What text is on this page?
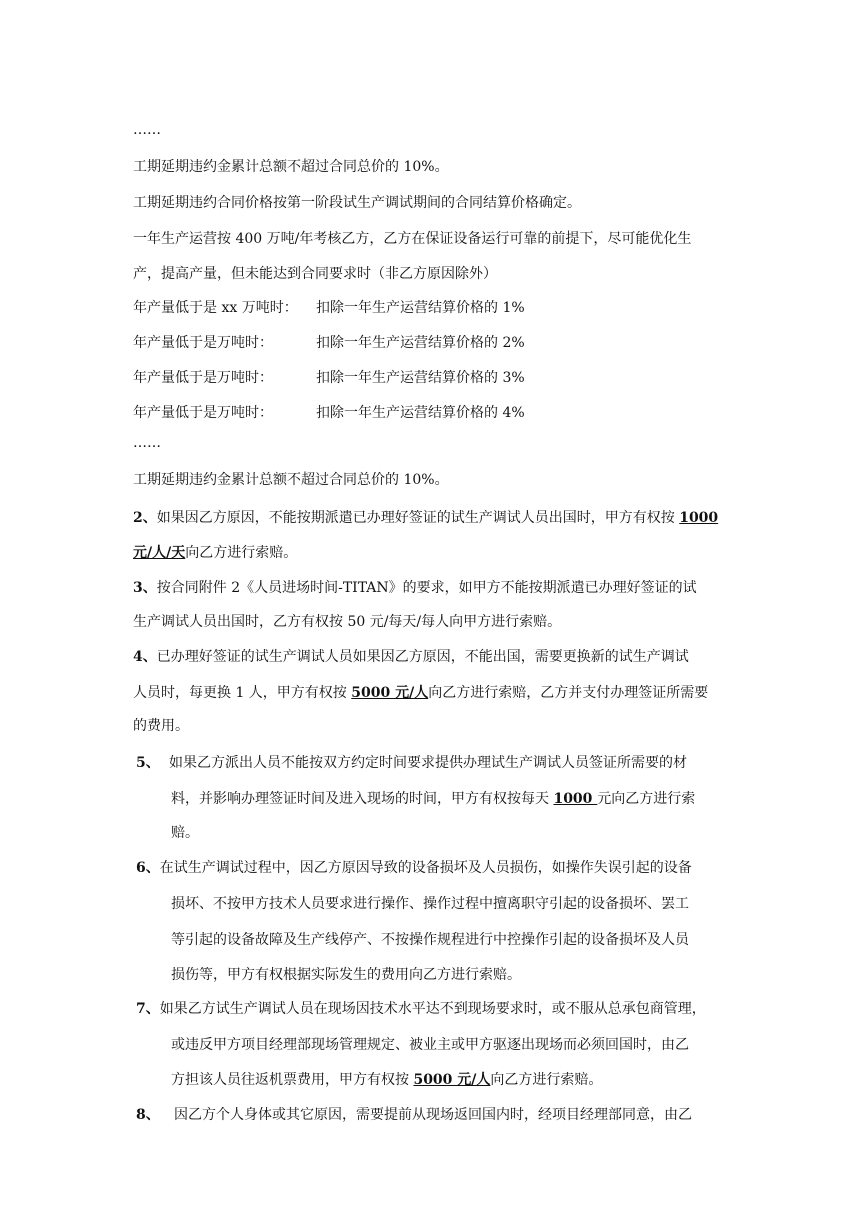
……
工期延期违约金累计总额不超过合同总价的 10%。
工期延期违约合同价格按第一阶段试生产调试期间的合同结算价格确定。
一年生产运营按 400 万吨/年考核乙方，乙方在保证设备运行可靠的前提下，尽可能优化生
产，提高产量，但未能达到合同要求时（非乙方原因除外）
年产量低于是 xx 万吨时： 扣除一年生产运营结算价格的 1%
年产量低于是万吨时：	扣除一年生产运营结算价格的 2%
年产量低于是万吨时：	扣除一年生产运营结算价格的 3%
年产量低于是万吨时：	扣除一年生产运营结算价格的 4%
……
工期延期违约金累计总额不超过合同总价的 10%。
2、如果因乙方原因，不能按期派遣已办理好签证的试生产调试人员出国时，甲方有权按 1000
元/人/天向乙方进行索赔。
3、按合同附件 2《人员进场时间-TITAN》的要求，如甲方不能按期派遣已办理好签证的试
生产调试人员出国时，乙方有权按 50 元/每天/每人向甲方进行索赔。
4、已办理好签证的试生产调试人员如果因乙方原因，不能出国，需要更换新的试生产调试
人员时，每更换 1 人，甲方有权按 5000 元/人向乙方进行索赔，乙方并支付办理签证所需要
的费用。
5、 如果乙方派出人员不能按双方约定时间要求提供办理试生产调试人员签证所需要的材
料，并影响办理签证时间及进入现场的时间，甲方有权按每天 1000 元向乙方进行索
赔。
6、在试生产调试过程中，因乙方原因导致的设备损坏及人员损伤，如操作失误引起的设备
损坏、不按甲方技术人员要求进行操作、操作过程中擅离职守引起的设备损坏、罢工
等引起的设备故障及生产线停产、不按操作规程进行中控操作引起的设备损坏及人员
损伤等，甲方有权根据实际发生的费用向乙方进行索赔。
7、如果乙方试生产调试人员在现场因技术水平达不到现场要求时，或不服从总承包商管理，
或违反甲方项目经理部现场管理规定、被业主或甲方驱逐出现场而必须回国时，由乙
方担该人员往返机票费用，甲方有权按 5000 元/人向乙方进行索赔。
8、 因乙方个人身体或其它原因，需要提前从现场返回国内时，经项目经理部同意，由乙
